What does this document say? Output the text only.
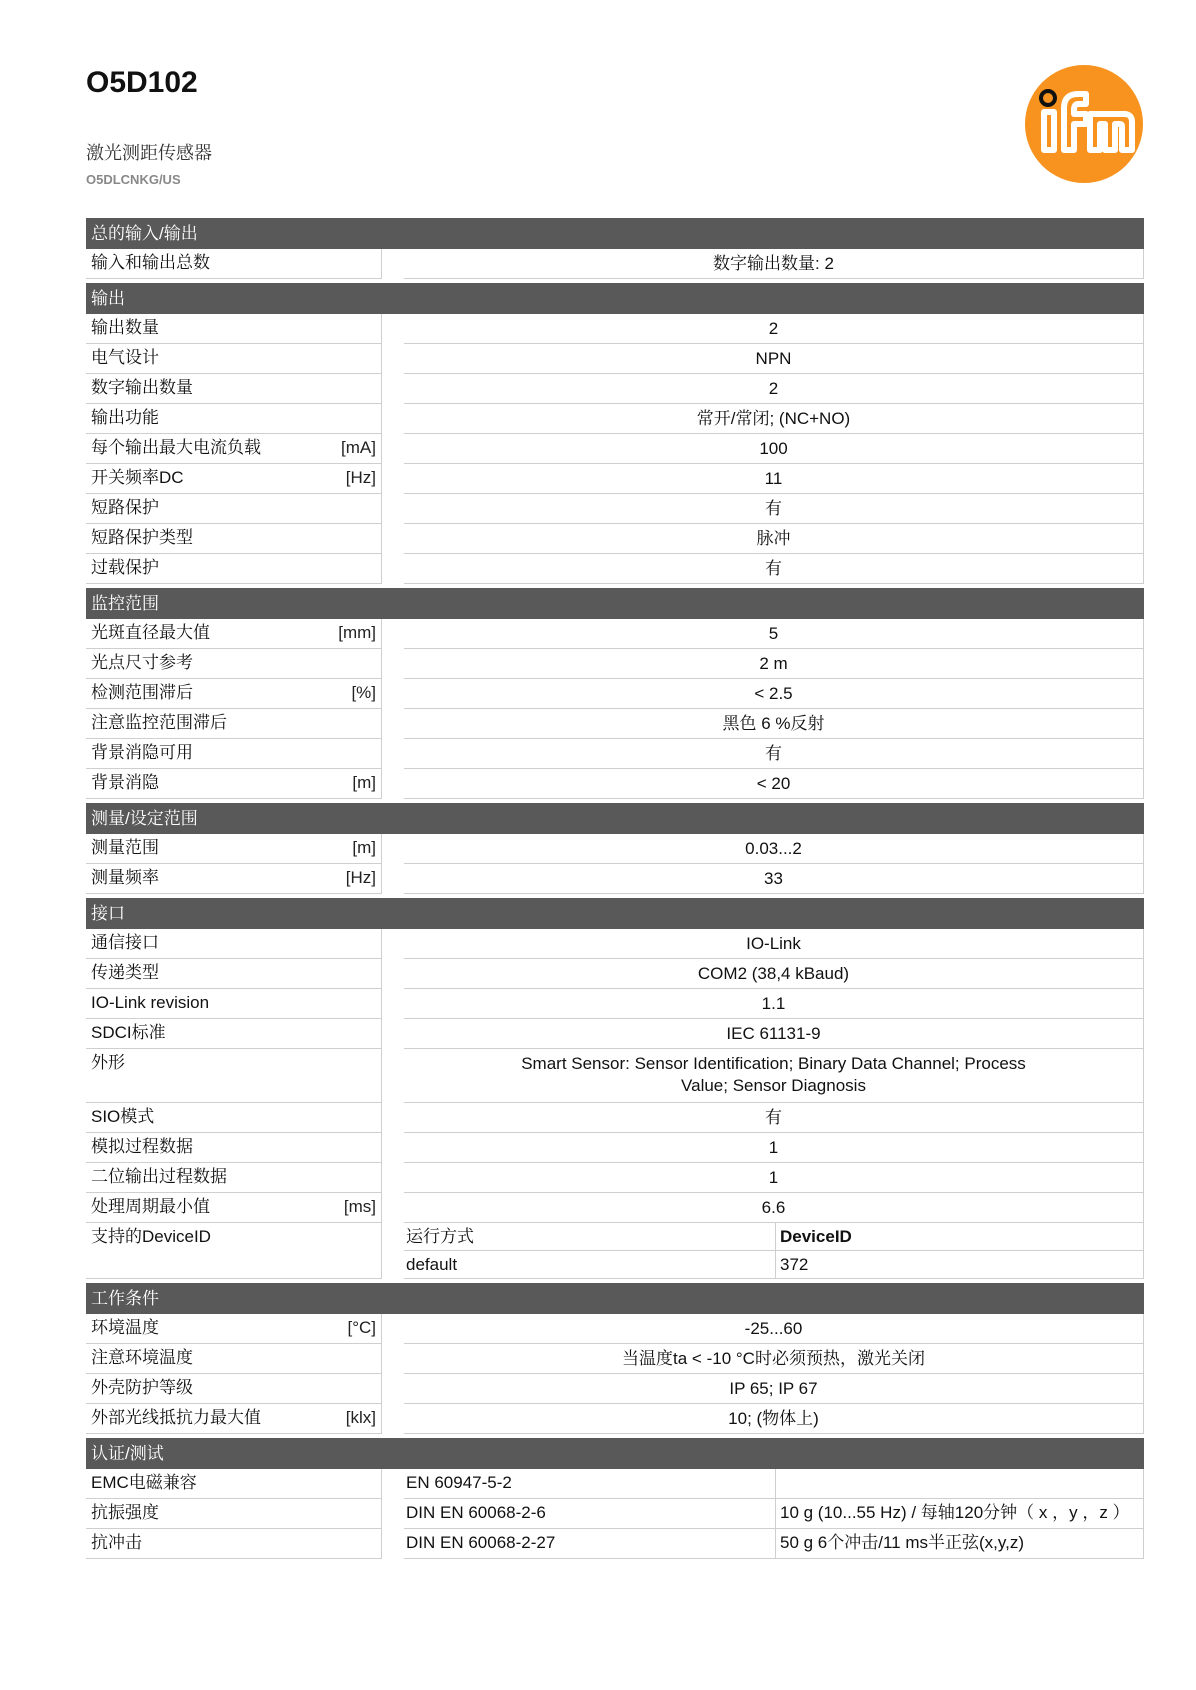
O5D102
激光测距传感器
O5DLCNKG/US
总的输入/输出
输入和输出总数	数字输出数量: 2
输出
输出数量	2
电气设计	NPN
数字输出数量	2
输出功能	常开/常闭; (NC+NO)
每个输出最大电流负载	[mA]	100
开关频率DC	[Hz]	11
短路保护	有
短路保护类型	脉冲
过载保护	有
监控范围
光斑直径最大值	[mm]	5
光点尺寸参考	2 m
检测范围滞后	[%]	< 2.5
注意监控范围滞后	黑色 6 %反射
背景消隐可用	有
背景消隐	[m]	< 20
测量/设定范围
测量范围	[m]	0.03...2
测量频率	[Hz]	33
接口
通信接口	IO-Link
传递类型	COM2 (38,4 kBaud)
IO-Link revision	1.1
SDCI标准	IEC 61131-9
外形	Smart Sensor: Sensor Identification; Binary Data Channel; Process Value; Sensor Diagnosis
SIO模式	有
模拟过程数据	1
二位输出过程数据	1
处理周期最小值	[ms]	6.6
支持的DeviceID	运行方式	DeviceID
default	372
工作条件
环境温度	[°C]	-25...60
注意环境温度	当温度ta < -10 °C时必须预热，激光关闭
外壳防护等级	IP 65; IP 67
外部光线抵抗力最大值	[klx]	10; (物体上)
认证/测试
EMC电磁兼容	EN 60947-5-2
抗振强度	DIN EN 60068-2-6	10 g (10...55 Hz) / 每轴120分钟（ x ，y ，z ）
抗冲击	DIN EN 60068-2-27	50 g 6个冲击/11 ms半正弦(x,y,z)
